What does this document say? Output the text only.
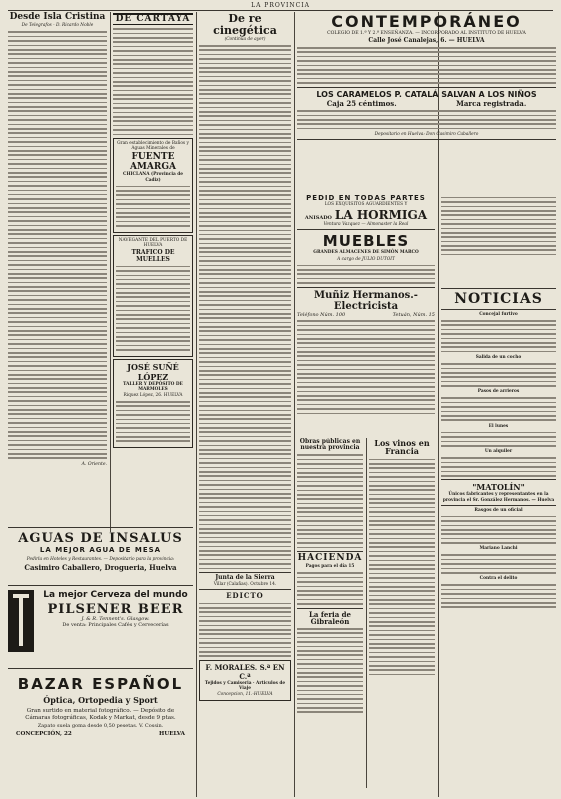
LA PROVINCIA
Desde Isla Cristina
De Telegrafos - D. Ricardo Noble
A. Oriente.
AGUAS DE INSALUS
LA MEJOR AGUA DE MESA
Pedirla en Hoteles y Restaurantes. — Depositario para la provincia:
Casimiro Caballero, Drogueria, Huelva
DE CARTAYA
Gran establecimiento de Baños y Aguas Minerales de
FUENTE AMARGA
CHICLANA (Provincia de Cadiz)
NAVEGANTE DEL PUERTO DE HUELVA
TRAFICO DE MUELLES
JOSÉ SUÑÉ LÓPEZ
TALLER Y DEPÓSITO DE MARMOLES
Riquez López, 26. HUELVA
La mejor Cerveza del mundo
PILSENER BEER
J. & R. Tennent's. Glasgow.
De venta: Principales Cafés y Cervecerías
BAZAR ESPAÑOL
Óptica, Ortopedia y Sport
Gran surtido en material fotográfico. — Depósito de Cámaras fotográficas, Kodak y Markat, desde 9 ptas.
Zapato suela goma desde 0,50 pesetas. V. Cossin.
CONCEPCIÓN, 22	HUELVA
De re cinegética
(Continúa de ayer)
Junta de la Sierra
Villar (Calañas). Octubre 14.
EDICTO
F. MORALES. S.ª EN C.ª
Tejidos y Camiseria · Articulos de Viaje
Concepcion, 11.-HUELVA
CONTEMPORÁNEO
COLEGIO DE 1.ª Y 2.ª ENSEÑANZA. — INCORPORADO AL INSTITUTO DE HUELVA
Calle José Canalejas, 6. — HUELVA
LOS CARAMELOS P. CATALÁ SALVAN A LOS NIÑOS
Caja 25 céntimos.	Marca registrada.
Depositario en Huelva: Don Casimiro Caballero
PEDID EN TODAS PARTES
LOS EXQUISITOS AGUARDIENTES Y
ANISADO LA HORMIGA
Ventura Vazquez — Almonaster la Real
MUEBLES
GRANDES ALMACENES DE SIMÓN MARCO
A cargo de JULIO DUTOIT
Muñiz Hermanos.-Electricista
Teléfono Núm. 100	Tetuán, Núm. 15
Obras públicas en nuestra provincia
HACIENDA
Pagos para el día 15
La feria de Gibraleón
Los vinos en Francia
NOTICIAS
Concejal furtivo
Salida de un cocho
Pasos de arrieros
El lunes
Un alquiler
"MATOLÍN"
Únicos fabricantes y representantes en la provincia el Sr. González Hermanos. — Huelva
Rasgos de un oficial
Mariano Lanchi
Contra el delito
